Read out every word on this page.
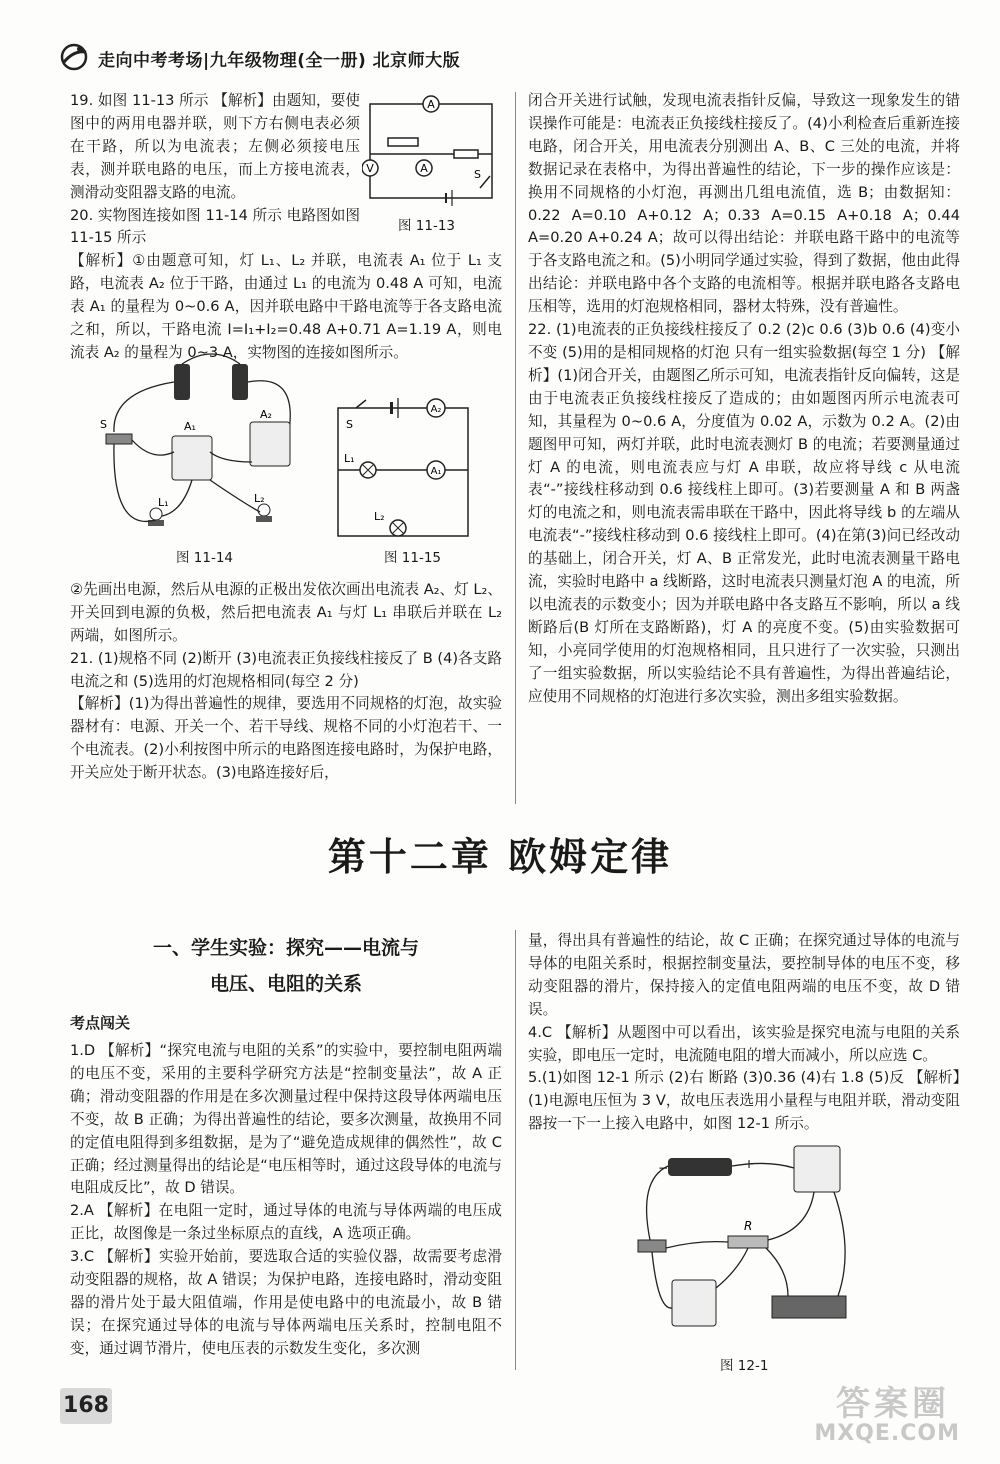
走向中考考场|九年级物理(全一册) 北京师大版

19. 如图 11-13 所示 【解析】由题知，要使图中的两用电器并联，则下方右侧电表必须在干路，所以为电流表；左侧必须接电压表，测并联电路的电压，而上方接电流表，测滑动变阻器支路的电流。

20. 实物图连接如图 11-14 所示 电路图如图 11-15 所示

【解析】①由题意可知，灯 L₁、L₂ 并联，电流表 A₁ 位于 L₁ 支路，电流表 A₂ 位于干路，由通过 L₁ 的电流为 0.48 A 可知，电流表 A₁ 的量程为 0~0.6 A，因并联电路中干路电流等于各支路电流之和，所以，干路电流 I=I₁+I₂=0.48 A+0.71 A=1.19 A，则电流表 A₂ 的量程为 0~3 A，实物图的连接如图所示。

②先画出电源，然后从电源的正极出发依次画出电流表 A₂、灯 L₂、开关回到电源的负极，然后把电流表 A₁ 与灯 L₁ 串联后并联在 L₂ 两端，如图所示。

21. (1)规格不同 (2)断开 (3)电流表正负接线柱接反了 B (4)各支路电流之和 (5)选用的灯泡规格相同(每空 2 分)

【解析】(1)为得出普遍性的规律，要选用不同规格的灯泡，故实验器材有：电源、开关一个、若干导线、规格不同的小灯泡若干、一个电流表。(2)小利按图中所示的电路图连接电路时，为保护电路，开关应处于断开状态。(3)电路连接好后，

A
V	A	S
图 11-13
S	A₁
A₂
L₁	L₂
图 11-14
A₂
S
L₁
A₁
L₂
图 11-15

闭合开关进行试触，发现电流表指针反偏，导致这一现象发生的错误操作可能是：电流表正负接线柱接反了。(4)小利检查后重新连接电路，闭合开关，用电流表分别测出 A、B、C 三处的电流，并将数据记录在表格中，为得出普遍性的结论，下一步的操作应该是：换用不同规格的小灯泡，再测出几组电流值，选 B；由数据知：0.22 A=0.10 A+0.12 A；0.33 A=0.15 A+0.18 A；0.44 A=0.20 A+0.24 A；故可以得出结论：并联电路干路中的电流等于各支路电流之和。(5)小明同学通过实验，得到了数据，他由此得出结论：并联电路中各个支路的电流相等。根据并联电路各支路电压相等，选用的灯泡规格相同，器材太特殊，没有普遍性。

22. (1)电流表的正负接线柱接反了 0.2 (2)c 0.6 (3)b 0.6 (4)变小 不变 (5)用的是相同规格的灯泡 只有一组实验数据(每空 1 分) 【解析】(1)闭合开关，由题图乙所示可知，电流表指针反向偏转，这是由于电流表正负接线柱接反了造成的；由如题图丙所示电流表可知，其量程为 0~0.6 A，分度值为 0.02 A，示数为 0.2 A。(2)由题图甲可知，两灯并联，此时电流表测灯 B 的电流；若要测量通过灯 A 的电流，则电流表应与灯 A 串联，故应将导线 c 从电流表“-”接线柱移动到 0.6 接线柱上即可。(3)若要测量 A 和 B 两盏灯的电流之和，则电流表需串联在干路中，因此将导线 b 的左端从电流表“-”接线柱移动到 0.6 接线柱上即可。(4)在第(3)问已经改动的基础上，闭合开关，灯 A、B 正常发光，此时电流表测量干路电流，实验时电路中 a 线断路，这时电流表只测量灯泡 A 的电流，所以电流表的示数变小；因为并联电路中各支路互不影响，所以 a 线断路后(B 灯所在支路断路)，灯 A 的亮度不变。(5)由实验数据可知，小亮同学使用的灯泡规格相同，且只进行了一次实验，只测出了一组实验数据，所以实验结论不具有普遍性，为得出普遍结论，应使用不同规格的灯泡进行多次实验，测出多组实验数据。

第十二章 欧姆定律
一、学生实验：探究——电流与
电压、电阻的关系
考点闯关

1.D 【解析】“探究电流与电阻的关系”的实验中，要控制电阻两端的电压不变，采用的主要科学研究方法是“控制变量法”，故 A 正确；滑动变阻器的作用是在多次测量过程中保持这段导体两端电压不变，故 B 正确；为得出普遍性的结论，要多次测量，故换用不同的定值电阻得到多组数据，是为了“避免造成规律的偶然性”，故 C 正确；经过测量得出的结论是“电压相等时，通过这段导体的电流与电阻成反比”，故 D 错误。

2.A 【解析】在电阻一定时，通过导体的电流与导体两端的电压成正比，故图像是一条过坐标原点的直线，A 选项正确。

3.C 【解析】实验开始前，要选取合适的实验仪器，故需要考虑滑动变阻器的规格，故 A 错误；为保护电路，连接电路时，滑动变阻器的滑片处于最大阻值端，作用是使电路中的电流最小，故 B 错误；在探究通过导体的电流与导体两端电压关系时，控制电阻不变，通过调节滑片，使电压表的示数发生变化，多次测

量，得出具有普遍性的结论，故 C 正确；在探究通过导体的电流与导体的电阻关系时，根据控制变量法，要控制导体的电压不变，移动变阻器的滑片，保持接入的定值电阻两端的电压不变，故 D 错误。

4.C 【解析】从题图中可以看出，该实验是探究电流与电阻的关系实验，即电压一定时，电流随电阻的增大而减小，所以应选 C。

5.(1)如图 12-1 所示 (2)右 断路 (3)0.36 (4)右 1.8 (5)反 【解析】(1)电源电压恒为 3 V，故电压表选用小量程与电阻并联，滑动变阻器按一下一上接入电路中，如图 12-1 所示。

−	+
R
图 12-1
168	答案圈
MXQE.COM
